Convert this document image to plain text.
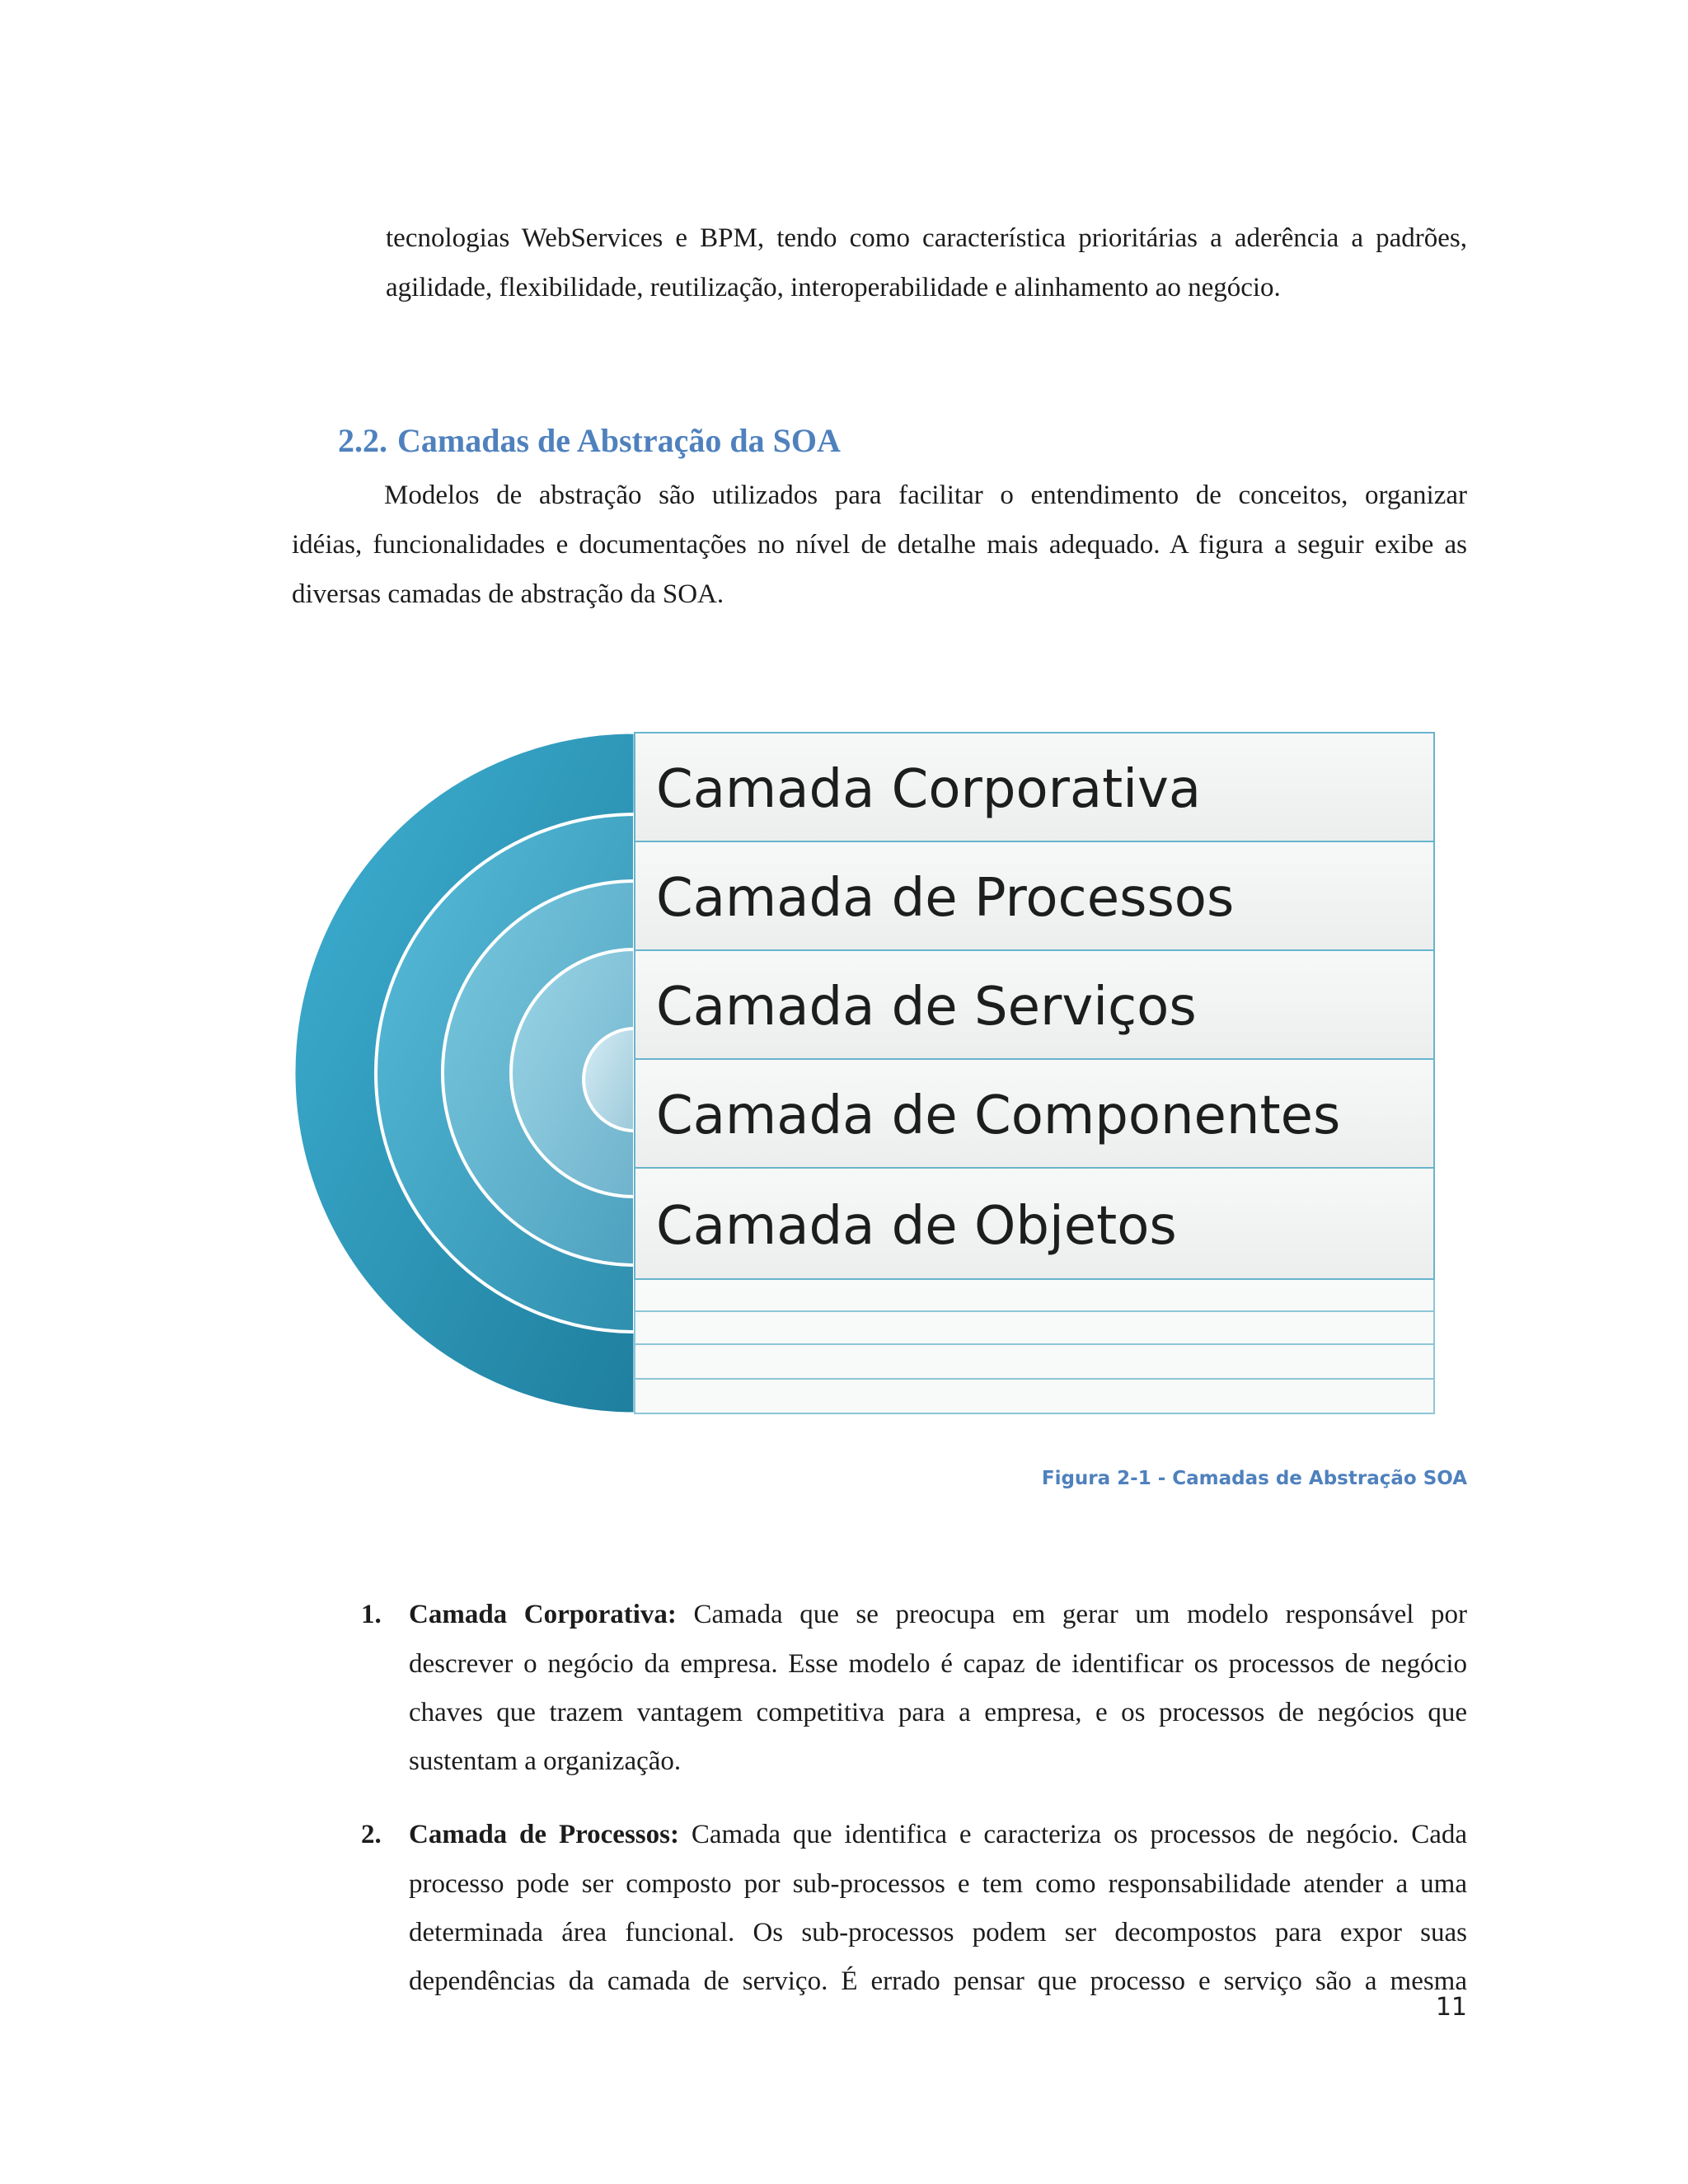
tecnologias WebServices e BPM, tendo como característica prioritárias a aderência a padrões,
agilidade, flexibilidade, reutilização, interoperabilidade e alinhamento ao negócio.
2.2. Camadas de Abstração da SOA
Modelos de abstração são utilizados para facilitar o entendimento de conceitos, organizar
idéias, funcionalidades e documentações no nível de detalhe mais adequado. A figura a seguir exibe as
diversas camadas de abstração da SOA.
Camada Corporativa
Camada de Processos
Camada de Serviços
Camada de Componentes
Camada de Objetos
Figura 2-1 - Camadas de Abstração SOA
1. Camada Corporativa: Camada que se preocupa em gerar um modelo responsável por
descrever o negócio da empresa. Esse modelo é capaz de identificar os processos de negócio
chaves que trazem vantagem competitiva para a empresa, e os processos de negócios que
sustentam a organização.
2. Camada de Processos: Camada que identifica e caracteriza os processos de negócio. Cada
processo pode ser composto por sub-processos e tem como responsabilidade atender a uma
determinada área funcional. Os sub-processos podem ser decompostos para expor suas
dependências da camada de serviço. É errado pensar que processo e serviço são a mesma
11
